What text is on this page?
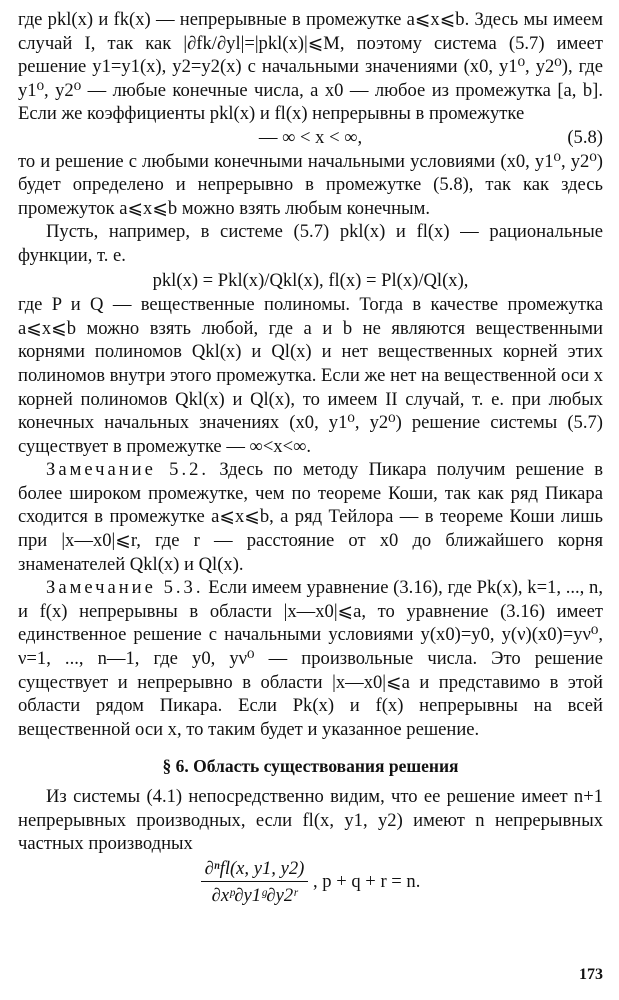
где pkl(x) и fk(x) — непрерывные в промежутке a⩽x⩽b. Здесь мы имеем случай I, так как |∂fk/∂yl|=|pkl(x)|⩽M, поэтому система (5.7) имеет решение y1=y1(x), y2=y2(x) с начальными значениями (x0, y1⁰, y2⁰), где y1⁰, y2⁰ — любые конечные числа, а x0 — любое из промежутка [a, b]. Если же коэффициенты pkl(x) и fl(x) непрерывны в промежутке

— ∞ < x < ∞,	(5.8)

то и решение с любыми конечными начальными условиями (x0, y1⁰, y2⁰) будет определено и непрерывно в промежутке (5.8), так как здесь промежуток a⩽x⩽b можно взять любым конечным.

Пусть, например, в системе (5.7) pkl(x) и fl(x) — рациональные функции, т. е.

pkl(x) = Pkl(x)/Qkl(x), fl(x) = Pl(x)/Ql(x),

где P и Q — вещественные полиномы. Тогда в качестве промежутка a⩽x⩽b можно взять любой, где a и b не являются вещественными корнями полиномов Qkl(x) и Ql(x) и нет вещественных корней этих полиномов внутри этого промежутка. Если же нет на вещественной оси x корней полиномов Qkl(x) и Ql(x), то имеем II случай, т. е. при любых конечных начальных значениях (x0, y1⁰, y2⁰) решение системы (5.7) существует в промежутке — ∞<x<∞.

Замечание 5.2. Здесь по методу Пикара получим решение в более широком промежутке, чем по теореме Коши, так как ряд Пикара сходится в промежутке a⩽x⩽b, а ряд Тейлора — в теореме Коши лишь при |x—x0|⩽r, где r — расстояние от x0 до ближайшего корня знаменателей Qkl(x) и Ql(x).

Замечание 5.3. Если имеем уравнение (3.16), где Pk(x), k=1, ..., n, и f(x) непрерывны в области |x—x0|⩽a, то уравнение (3.16) имеет единственное решение с начальными условиями y(x0)=y0, y(ν)(x0)=yν⁰, ν=1, ..., n—1, где y0, yν⁰ — произвольные числа. Это решение существует и непрерывно в области |x—x0|⩽a и представимо в этой области рядом Пикара. Если Pk(x) и f(x) непрерывны на всей вещественной оси x, то таким будет и указанное решение.

§ 6. Область существования решения

Из системы (4.1) непосредственно видим, что ее решение имеет n+1 непрерывных производных, если fl(x, y1, y2) имеют n непрерывных частных производных

$\frac{\text{∂ⁿfl(x, y1, y2)}}{\text{∂xᵖ∂y1ᵍ∂y2ʳ}}$ , p + q + r = n.

173
